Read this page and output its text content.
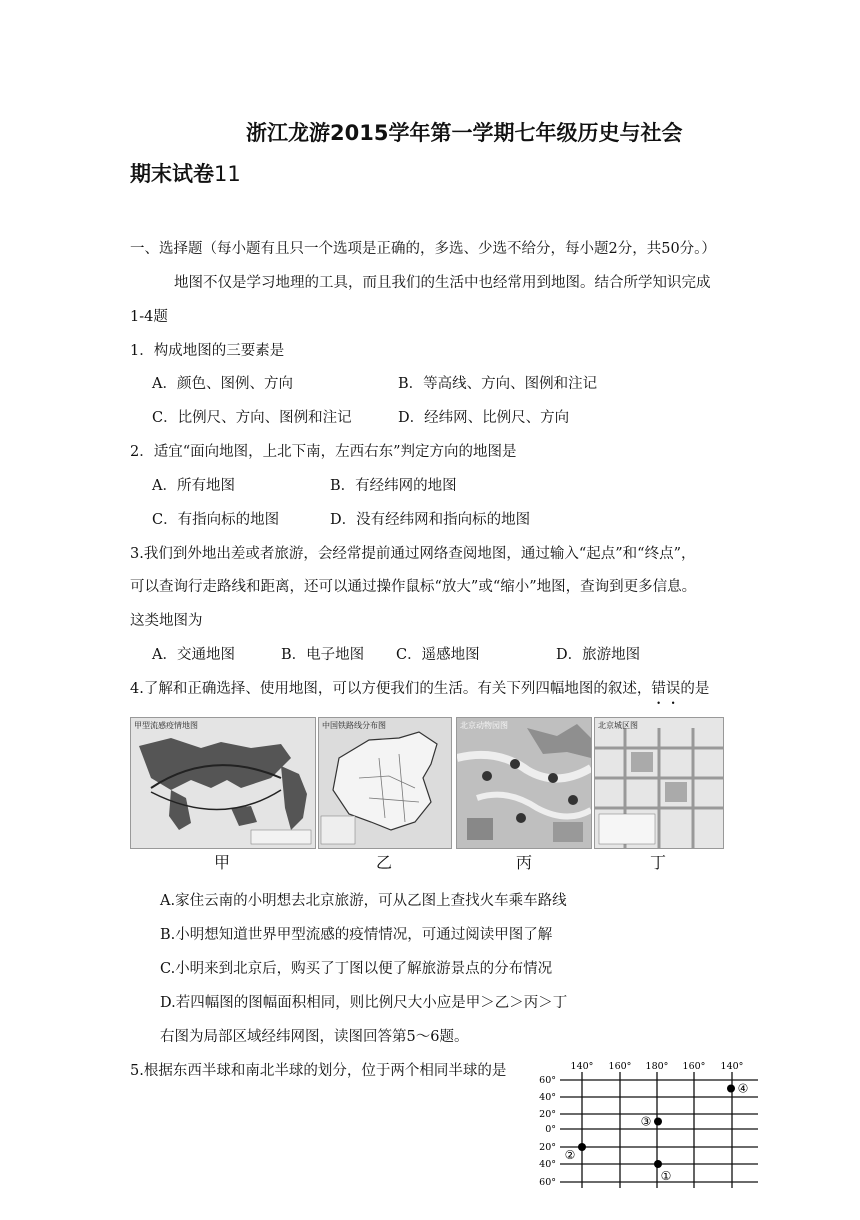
浙江龙游2015学年第一学期七年级历史与社会
期末试卷11
一、选择题（每小题有且只一个选项是正确的，多选、少选不给分，每小题2分，共50分。）
地图不仅是学习地理的工具，而且我们的生活中也经常用到地图。结合所学知识完成
1-4题
1．构成地图的三要素是
A．颜色、图例、方向	B．等高线、方向、图例和注记
C．比例尺、方向、图例和注记	D．经纬网、比例尺、方向
2．适宜“面向地图，上北下南，左西右东”判定方向的地图是
A．所有地图	B．有经纬网的地图
C．有指向标的地图	D．没有经纬网和指向标的地图
3.我们到外地出差或者旅游，会经常提前通过网络查阅地图，通过输入“起点”和“终点”，
可以查询行走路线和距离，还可以通过操作鼠标“放大”或“缩小”地图，查询到更多信息。
这类地图为
A．交通地图	B．电子地图 C．遥感地图	D．旅游地图
4.了解和正确选择、使用地图，可以方便我们的生活。有关下列四幅地图的叙述，错误的是
甲型流感疫情地图	中国铁路线分布图	北京动物园图	北京城区图
甲	乙	丙	丁
A.家住云南的小明想去北京旅游，可从乙图上查找火车乘车路线
B.小明想知道世界甲型流感的疫情情况，可通过阅读甲图了解
C.小明来到北京后，购买了丁图以便了解旅游景点的分布情况
D.若四幅图的图幅面积相同，则比例尺大小应是甲＞乙＞丙＞丁
右图为局部区域经纬网图，读图回答第5～6题。
5.根据东西半球和南北半球的划分，位于两个相同半球的是	140° 160° 180° 160° 140°
60°
40°
20°
0°
20°
40°
60°	①
②
③
④
